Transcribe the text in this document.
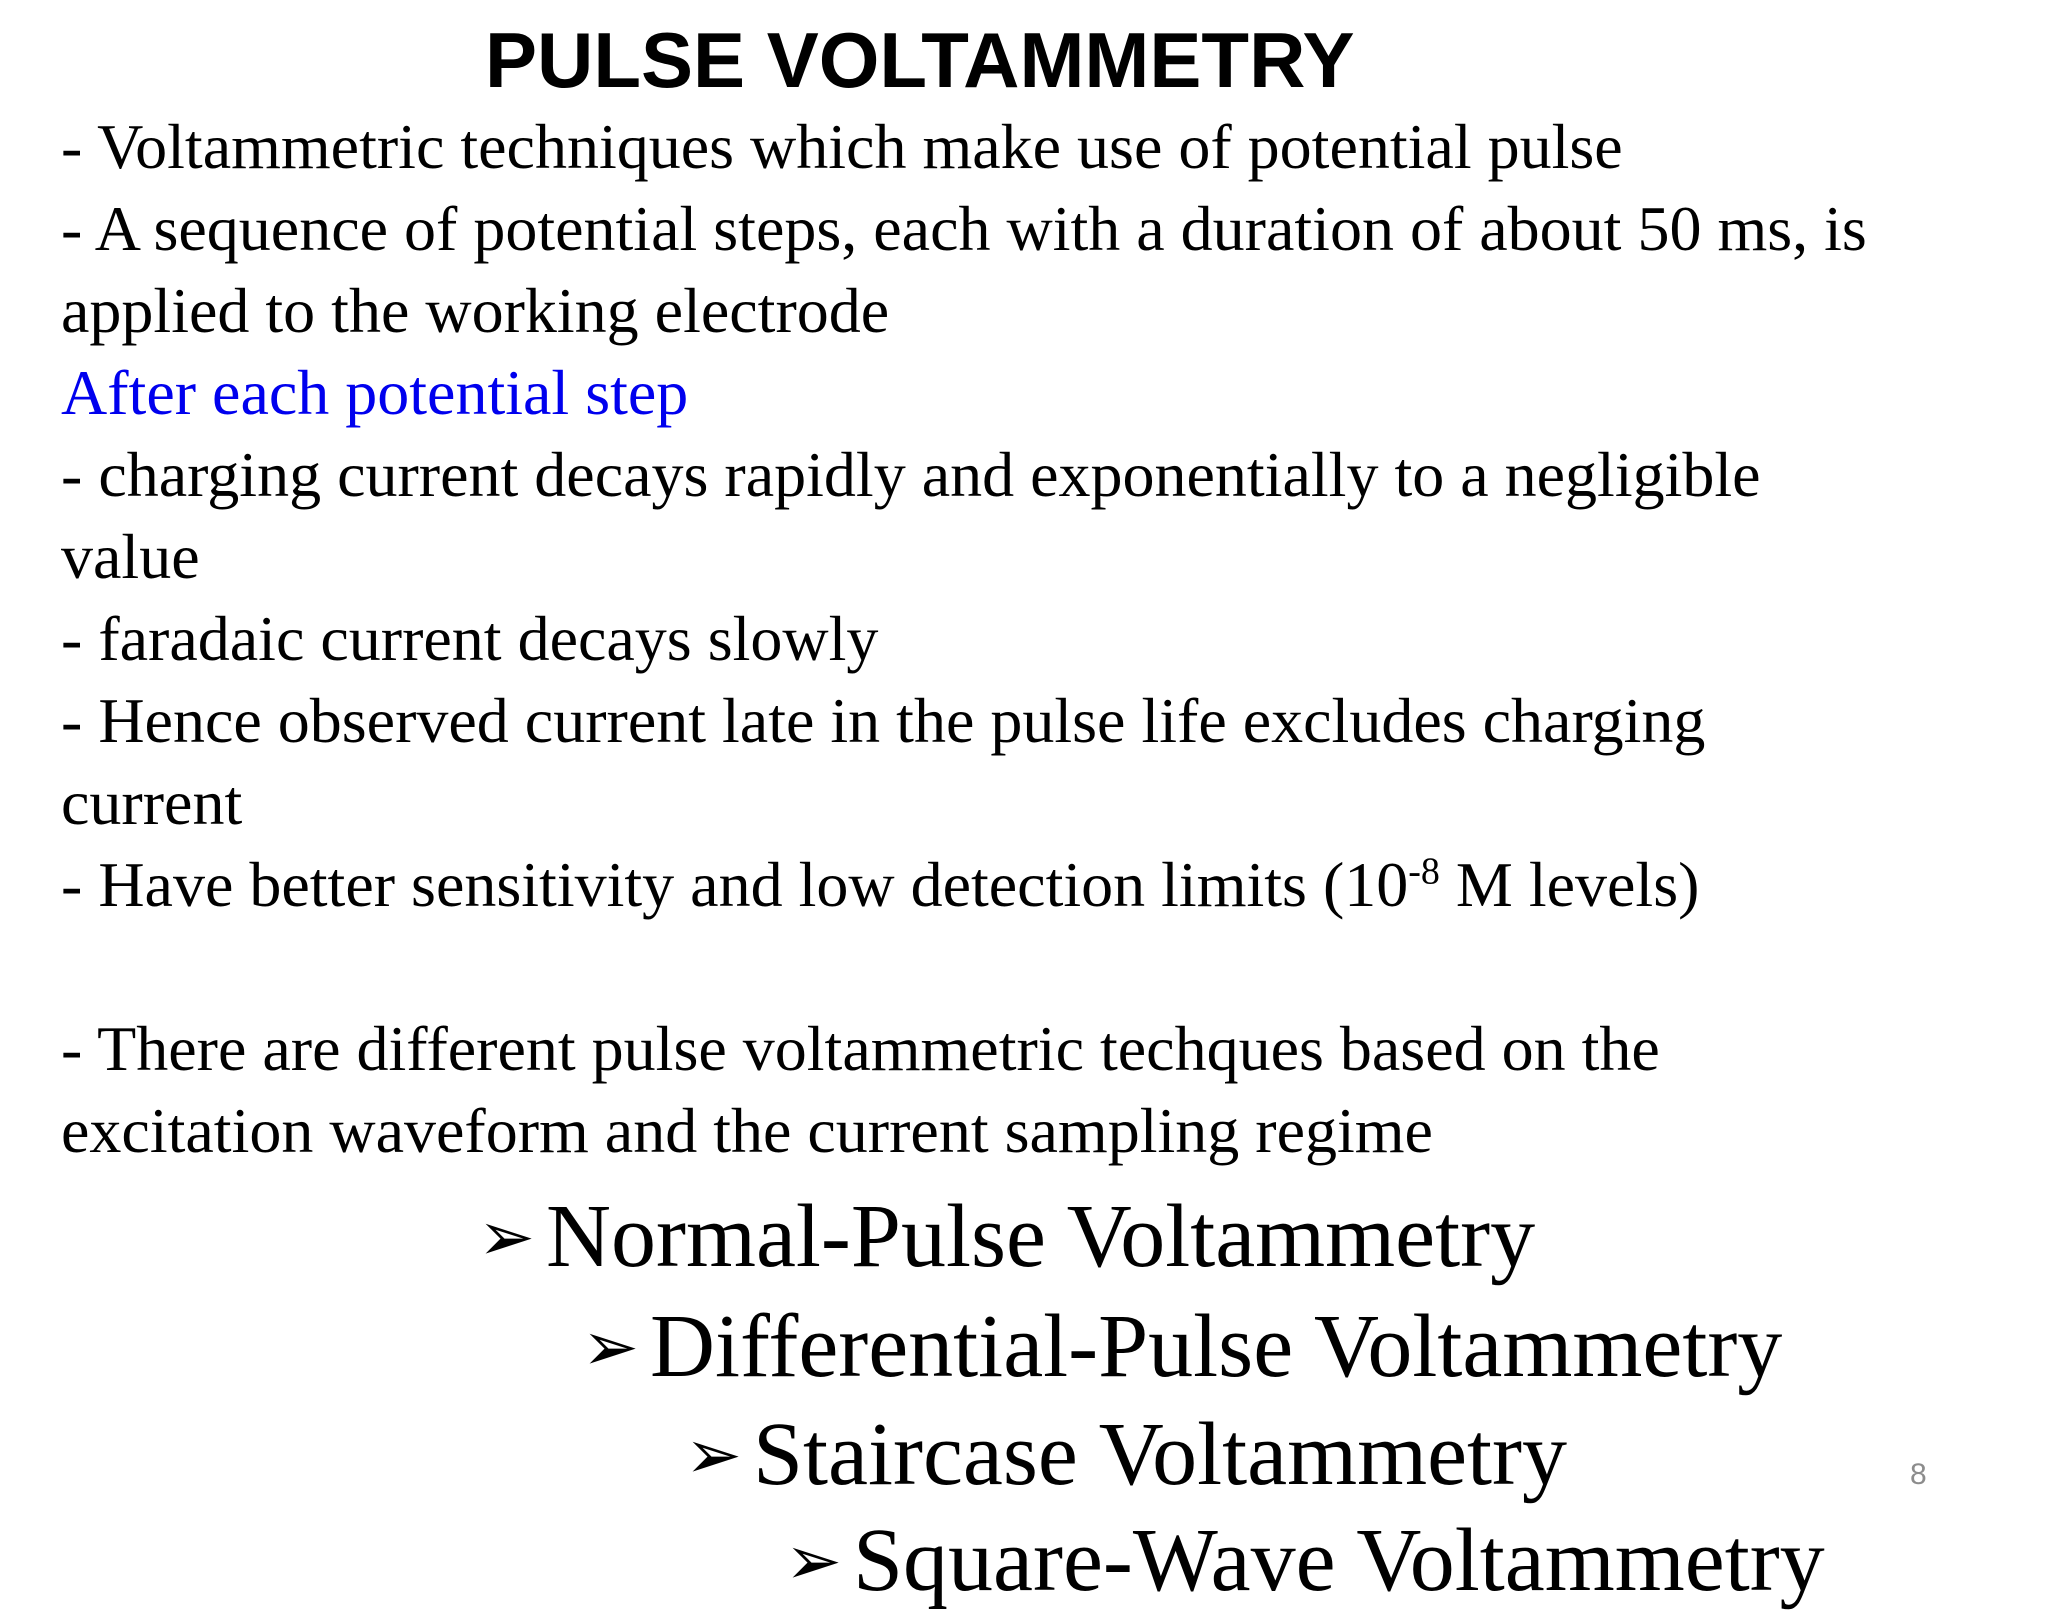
PULSE VOLTAMMETRY
- Voltammetric techniques which make use of potential pulse
- A sequence of potential steps, each with a duration of about 50 ms, is
applied to the working electrode
After each potential step
- charging current decays rapidly and exponentially to a negligible
value
- faradaic current decays slowly
- Hence observed current late in the pulse life excludes charging
current
- Have better sensitivity and low detection limits ($10^{-8}$ M levels)
- There are different pulse voltammetric techques based on the
excitation waveform and the current sampling regime
➢ Normal-Pulse Voltammetry
➢ Differential-Pulse Voltammetry
➢ Staircase Voltammetry
➢ Square-Wave Voltammetry
8
